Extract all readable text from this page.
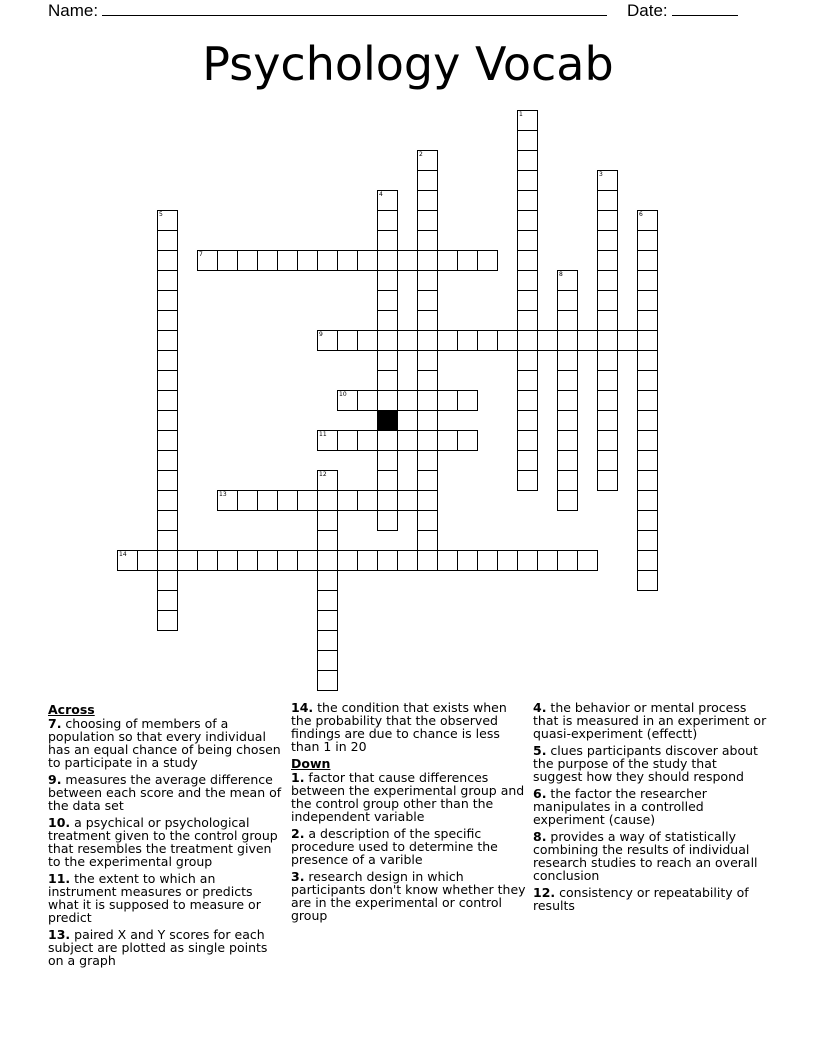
Name:	Date:
Psychology Vocab
1
2
3
4
5	6
7
8
9
10
11
12
13
14
Across
7. choosing of members of a population so that every individual has an equal chance of being chosen to participate in a study
9. measures the average difference between each score and the mean of the data set
10. a psychical or psychological treatment given to the control group that resembles the treatment given to the experimental group
11. the extent to which an instrument measures or predicts what it is supposed to measure or predict
13. paired X and Y scores for each subject are plotted as single points on a graph
14. the condition that exists when the probability that the observed findings are due to chance is less than 1 in 20
Down
1. factor that cause differences between the experimental group and the control group other than the independent variable
2. a description of the specific procedure used to determine the presence of a varible
3. research design in which participants don't know whether they are in the experimental or control group
4. the behavior or mental process that is measured in an experiment or quasi-experiment (effectt)
5. clues participants discover about the purpose of the study that suggest how they should respond
6. the factor the researcher manipulates in a controlled experiment (cause)
8. provides a way of statistically combining the results of individual research studies to reach an overall conclusion
12. consistency or repeatability of results
